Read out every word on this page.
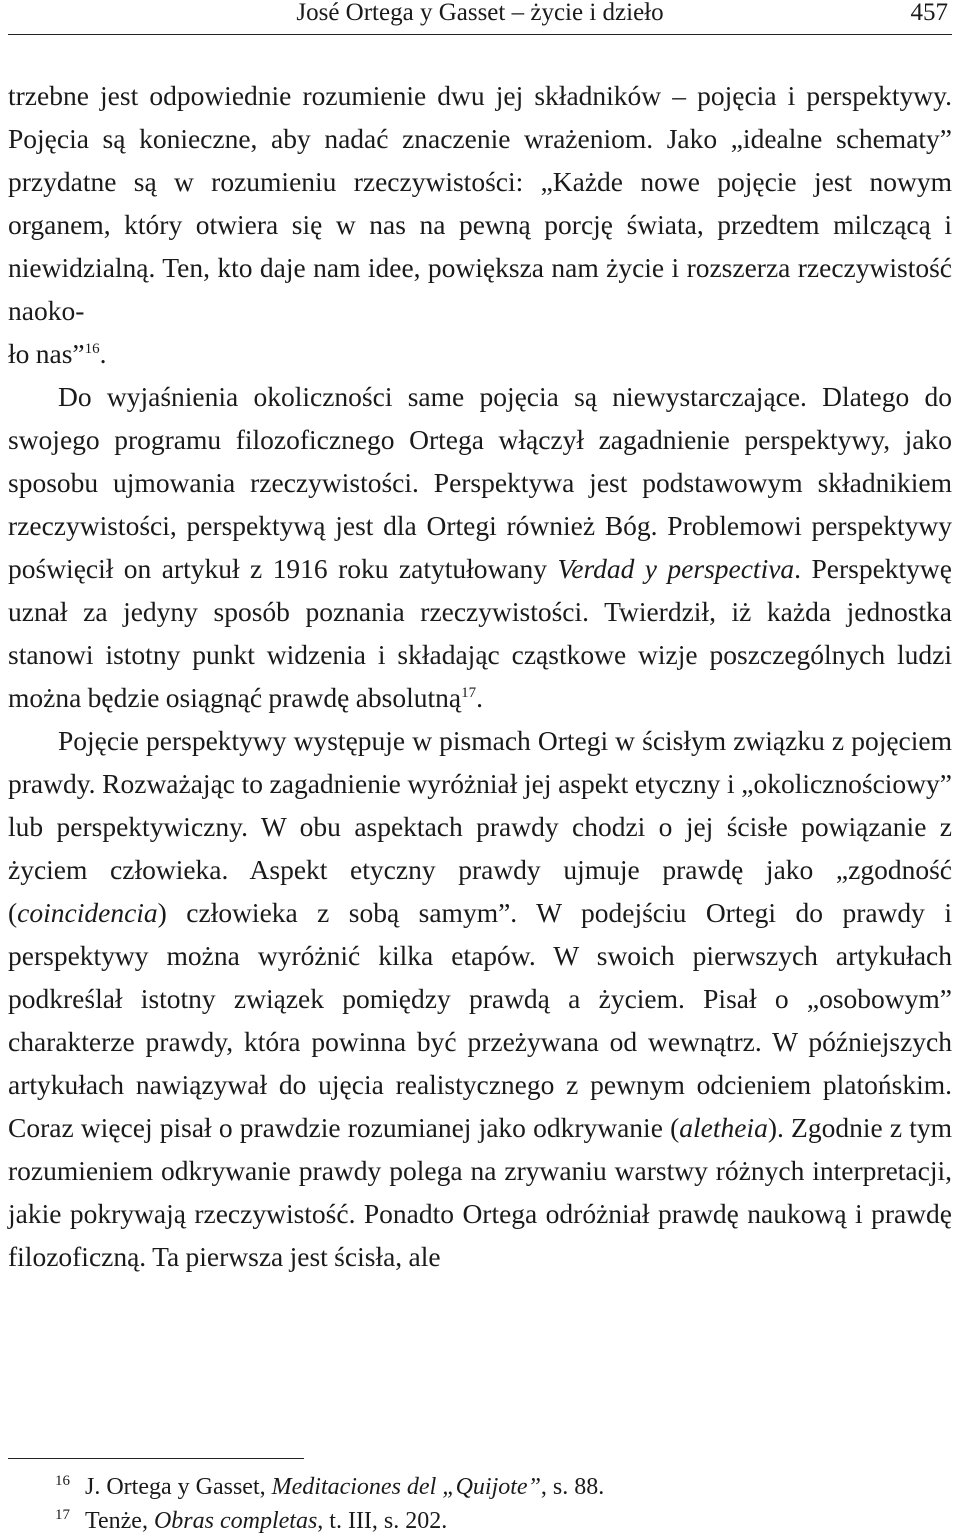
José Ortega y Gasset – życie i dzieło	457

trzebne jest odpowiednie rozumienie dwu jej składników – pojęcia i perspektywy. Pojęcia są konieczne, aby nadać znaczenie wrażeniom. Jako „idealne schematy” przydatne są w rozumieniu rzeczywistości: „Każde nowe pojęcie jest nowym organem, który otwiera się w nas na pewną porcję świata, przedtem milczącą i niewidzialną. Ten, kto daje nam idee, powiększa nam życie i rozszerza rzeczywistość naoko-
ło nas”$^{16}$.

Do wyjaśnienia okoliczności same pojęcia są niewystarczające. Dlatego do swojego programu filozoficznego Ortega włączył zagadnienie perspektywy, jako sposobu ujmowania rzeczywistości. Perspektywa jest podstawowym składnikiem rzeczywistości, perspektywą jest dla Ortegi również Bóg. Problemowi perspektywy poświęcił on artykuł z 1916 roku zatytułowany Verdad y perspectiva. Perspektywę uznał za jedyny sposób poznania rzeczywistości. Twierdził, iż każda jednostka stanowi istotny punkt widzenia i składając cząstkowe wizje poszczególnych ludzi można będzie osiągnąć prawdę absolutną$^{17}$.

Pojęcie perspektywy występuje w pismach Ortegi w ścisłym związku z pojęciem prawdy. Rozważając to zagadnienie wyróżniał jej aspekt etyczny i „okolicznościowy” lub perspektywiczny. W obu aspektach prawdy chodzi o jej ścisłe powiązanie z życiem człowieka. Aspekt etyczny prawdy ujmuje prawdę jako „zgodność (coincidencia) człowieka z sobą samym”. W podejściu Ortegi do prawdy i perspektywy można wyróżnić kilka etapów. W swoich pierwszych artykułach podkreślał istotny związek pomiędzy prawdą a życiem. Pisał o „osobowym” charakterze prawdy, która powinna być przeżywana od wewnątrz. W późniejszych artykułach nawiązywał do ujęcia realistycznego z pewnym odcieniem platońskim. Coraz więcej pisał o prawdzie rozumianej jako odkrywanie (aletheia). Zgodnie z tym rozumieniem odkrywanie prawdy polega na zrywaniu warstwy różnych interpretacji, jakie pokrywają rzeczywistość. Ponadto Ortega odróżniał prawdę naukową i prawdę filozoficzną. Ta pierwsza jest ścisła, ale

16 J. Ortega y Gasset, Meditaciones del „Quijote”, s. 88.
17 Tenże, Obras completas, t. III, s. 202.
